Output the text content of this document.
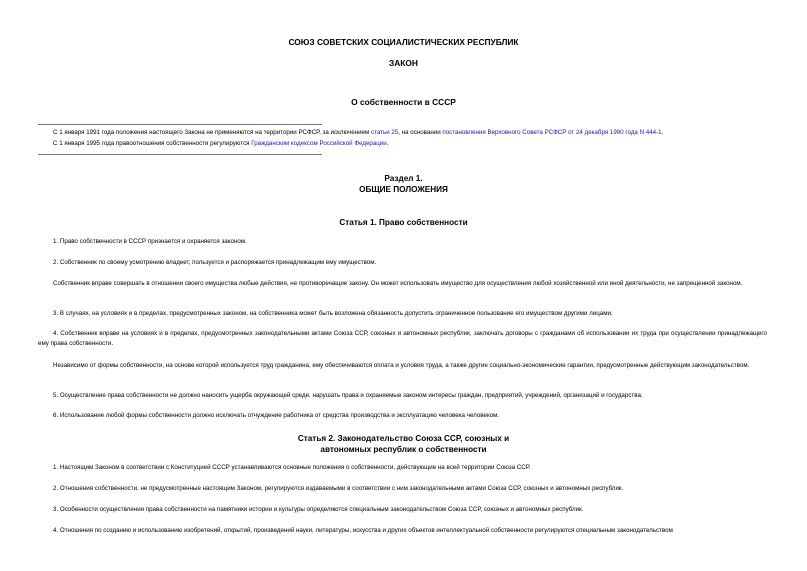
СОЮЗ СОВЕТСКИХ СОЦИАЛИСТИЧЕСКИХ РЕСПУБЛИК
ЗАКОН
О собственности в СССР
С 1 января 1991 года положения настоящего Закона не применяются на территории РСФСР, за исключением статьи 25, на основании постановления Верховного Совета РСФСР от 24 декабря 1990 года N 444-1.
С 1 января 1995 года правоотношения собственности регулируются Гражданским кодексом Российской Федерации.
Раздел 1.
ОБЩИЕ ПОЛОЖЕНИЯ
Статья 1. Право собственности
1. Право собственности в СССР признается и охраняется законом.
2. Собственник по своему усмотрению владеет, пользуется и распоряжается принадлежащим ему имуществом.
Собственник вправе совершать в отношении своего имущества любые действия, не противоречащие закону. Он может использовать имущество для осуществления любой хозяйственной или иной деятельности, не запрещенной законом.
3. В случаях, на условиях и в пределах, предусмотренных законом, на собственника может быть возложена обязанность допустить ограниченное пользование его имуществом другими лицами.
4. Собственник вправе на условиях и в пределах, предусмотренных законодательными актами Союза ССР, союзных и автономных республик, заключать договоры с гражданами об использовании их труда при осуществлении принадлежащего ему права собственности.
Независимо от формы собственности, на основе которой используется труд гражданина, ему обеспечиваются оплата и условия труда, а также другие социально-экономические гарантии, предусмотренные действующим законодательством.
5. Осуществление права собственности не должно наносить ущерба окружающей среде, нарушать права и охраняемые законом интересы граждан, предприятий, учреждений, организаций и государства.
6. Использование любой формы собственности должно исключать отчуждение работника от средства производства и эксплуатацию человека человеком.
Статья 2. Законодательство Союза ССР, союзных и
автономных республик о собственности
1. Настоящим Законом в соответствии с Конституцией СССР устанавливаются основные положения о собственности, действующие на всей территории Союза ССР.
2. Отношения собственности, не предусмотренные настоящим Законом, регулируются издаваемыми в соответствии с ним законодательными актами Союза ССР, союзных и автономных республик.
3. Особенности осуществления права собственности на памятники истории и культуры определяются специальным законодательством Союза ССР, союзных и автономных республик.
4. Отношения по созданию и использованию изобретений, открытий, произведений науки, литературы, искусства и других объектов интеллектуальной собственности регулируются специальным законодательством
